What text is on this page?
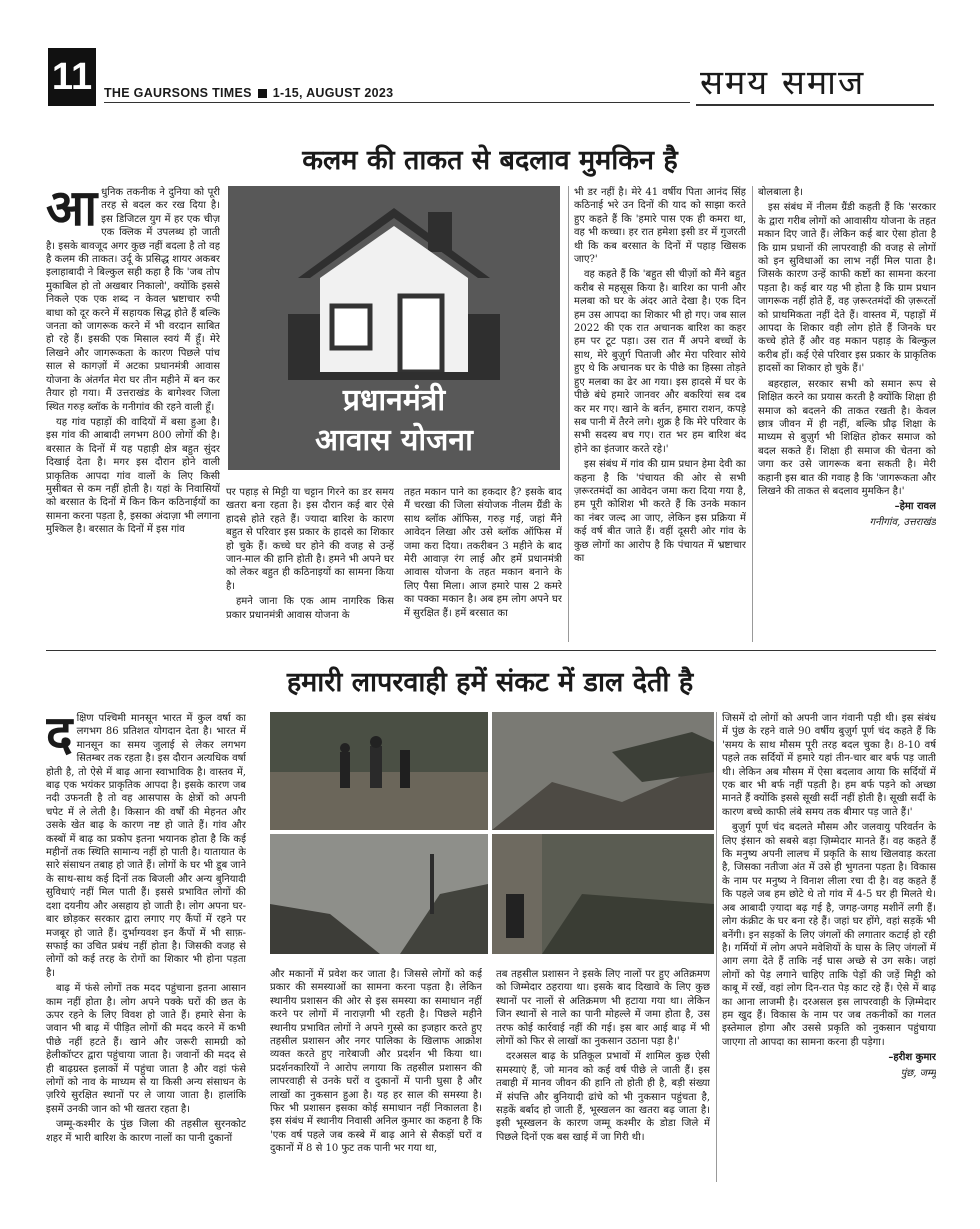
11 THE GAURSONS TIMES 1-15, AUGUST 2023	समय समाज
कलम की ताकत से बदलाव मुमकिन है

आधुनिक तकनीक ने दुनिया को पूरी तरह से बदल कर रख दिया है। इस डिजिटल युग में हर एक चीज़ एक क्लिक में उपलब्ध हो जाती है। इसके बावजूद अगर कुछ नहीं बदला है तो वह है कलम की ताकत। उर्दू के प्रसिद्ध शायर अकबर इलाहाबादी ने बिल्कुल सही कहा है कि 'जब तोप मुकाबिल हो तो अखबार निकालो', क्योंकि इससे निकले एक एक शब्द न केवल भ्रष्टाचार रुपी बाधा को दूर करने में सहायक सिद्ध होते हैं बल्कि जनता को जागरूक करने में भी वरदान साबित हो रहे हैं। इसकी एक मिसाल स्वयं मैं हूँ। मेरे लिखने और जागरूकता के कारण पिछले पांच साल से कागज़ों में अटका प्रधानमंत्री आवास योजना के अंतर्गत मेरा घर तीन महीने में बन कर तैयार हो गया। मैं उत्तराखंड के बागेश्वर जिला स्थित गरुड़ ब्लॉक के गनीगांव की रहने वाली हूँ।

यह गांव पहाड़ों की वादियों में बसा हुआ है। इस गांव की आबादी लगभग 800 लोगों की है। बरसात के दिनों में यह पहाड़ी क्षेत्र बहुत सुंदर दिखाई देता है। मगर इस दौरान होने वाली प्राकृतिक आपदा गांव वालों के लिए किसी मुसीबत से कम नहीं होती है। यहां के निवासियों को बरसात के दिनों में किन किन कठिनाईयों का सामना करना पड़ता है, इसका अंदाज़ा भी लगाना मुश्किल है। बरसात के दिनों में इस गांव

प्रधानमंत्री
आवास योजना

पर पहाड़ से मिट्टी या चट्टान गिरने का डर समय खतरा बना रहता है। इस दौरान कई बार ऐसे हादसे होते रहते हैं। ज्यादा बारिश के कारण बहुत से परिवार इस प्रकार के हादसे का शिकार हो चुके हैं। कच्चे घर होने की वजह से उन्हें जान-माल की हानि होती है। हमने भी अपने घर को लेकर बहुत ही कठिनाइयों का सामना किया है।

हमने जाना कि एक आम नागरिक किस प्रकार प्रधानमंत्री आवास योजना के

तहत मकान पाने का हकदार है? इसके बाद मैं चरखा की जिला संयोजक नीलम ग्रैंडी के साथ ब्लॉक ऑफिस, गरुड़ गई, जहां मैंने आवेदन लिखा और उसे ब्लॉक ऑफिस में जमा करा दिया। तकरीबन 3 महीने के बाद मेरी आवाज़ रंग लाई और हमें प्रधानमंत्री आवास योजना के तहत मकान बनाने के लिए पैसा मिला। आज हमारे पास 2 कमरे का पक्का मकान है। अब हम लोग अपने घर में सुरक्षित हैं। हमें बरसात का

भी डर नहीं है। मेरे 41 वर्षीय पिता आनंद सिंह कठिनाई भरे उन दिनों की याद को साझा करते हुए कहते हैं कि 'हमारे पास एक ही कमरा था, वह भी कच्चा। हर रात हमेशा इसी डर में गुजरती थी कि कब बरसात के दिनों में पहाड़ खिसक जाए?'

वह कहते हैं कि 'बहुत सी चीज़ों को मैंने बहुत करीब से महसूस किया है। बारिश का पानी और मलबा को घर के अंदर आते देखा है। एक दिन हम उस आपदा का शिकार भी हो गए। जब साल 2022 की एक रात अचानक बारिश का कहर हम पर टूट पड़ा। उस रात मैं अपने बच्चों के साथ, मेरे बुज़ुर्ग पिताजी और मेरा परिवार सोये हुए थे कि अचानक घर के पीछे का हिस्सा तोड़ते हुए मलबा का ढेर आ गया। इस हादसे में घर के पीछे बंधे हमारे जानवर और बकरियां सब दब कर मर गए। खाने के बर्तन, हमारा राशन, कपड़े सब पानी में तैरने लगे। शुक्र है कि मेरे परिवार के सभी सदस्य बच गए। रात भर हम बारिश बंद होने का इंतजार करते रहे।'

इस संबंध में गांव की ग्राम प्रधान हेमा देवी का कहना है कि 'पंचायत की ओर से सभी ज़रूरतमंदों का आवेदन जमा करा दिया गया है, हम पूरी कोशिश भी करते हैं कि उनके मकान का नंबर जल्द आ जाए, लेकिन इस प्रक्रिया में कई वर्ष बीत जाते हैं। वहीं दूसरी ओर गांव के कुछ लोगों का आरोप है कि पंचायत में भ्रष्टाचार का

बोलबाला है।

इस संबंध में नीलम ग्रैंडी कहती हैं कि 'सरकार के द्वारा गरीब लोगों को आवासीय योजना के तहत मकान दिए जाते हैं। लेकिन कई बार ऐसा होता है कि ग्राम प्रधानों की लापरवाही की वजह से लोगों को इन सुविधाओं का लाभ नहीं मिल पाता है। जिसके कारण उन्हें काफी कष्टों का सामना करना पड़ता है। कई बार यह भी होता है कि ग्राम प्रधान जागरूक नहीं होते हैं, वह ज़रूरतमंदों की ज़रूरतों को प्राथमिकता नहीं देते हैं। वास्तव में, पहाड़ों में आपदा के शिकार वही लोग होते हैं जिनके घर कच्चे होते हैं और वह मकान पहाड़ के बिल्कुल करीब हों। कई ऐसे परिवार इस प्रकार के प्राकृतिक हादसों का शिकार हो चुके हैं।'

बहरहाल, सरकार सभी को समान रूप से शिक्षित करने का प्रयास करती है क्योंकि शिक्षा ही समाज को बदलने की ताकत रखती है। केवल छात्र जीवन में ही नहीं, बल्कि प्रौढ़ शिक्षा के माध्यम से बुज़ुर्ग भी शिक्षित होकर समाज को बदल सकते हैं। शिक्षा ही समाज की चेतना को जगा कर उसे जागरूक बना सकती है। मेरी कहानी इस बात की गवाह है कि 'जागरूकता और लिखने की ताकत से बदलाव मुमकिन है।'

–हेमा रावल

गनीगांव, उत्तराखंड

हमारी लापरवाही हमें संकट में डाल देती है

दक्षिण पश्चिमी मानसून भारत में कुल वर्षा का लगभग 86 प्रतिशत योगदान देता है। भारत में मानसून का समय जुलाई से लेकर लगभग सितम्बर तक रहता है। इस दौरान अत्यधिक वर्षा होती है, तो ऐसे में बाढ़ आना स्वाभाविक है। वास्तव में, बाढ़ एक भयंकर प्राकृतिक आपदा है। इसके कारण जब नदी उफनती है तो वह आसपास के क्षेत्रों को अपनी चपेट में ले लेती है। किसान की वर्षों की मेहनत और उसके खेत बाढ़ के कारण नष्ट हो जाते हैं। गांव और कस्बों में बाढ़ का प्रकोप इतना भयानक होता है कि कई महीनों तक स्थिति सामान्य नहीं हो पाती है। यातायात के सारे संसाधन तबाह हो जाते हैं। लोगों के घर भी डूब जाने के साथ-साथ कई दिनों तक बिजली और अन्य बुनियादी सुविधाएं नहीं मिल पाती हैं। इससे प्रभावित लोगों की दशा दयनीय और असहाय हो जाती है। लोग अपना घर-बार छोड़कर सरकार द्वारा लगाए गए कैंपों में रहने पर मजबूर हो जाते हैं। दुर्भाग्यवश इन कैंपों में भी साफ़-सफाई का उचित प्रबंध नहीं होता है। जिसकी वजह से लोगों को कई तरह के रोगों का शिकार भी होना पड़ता है।

बाढ़ में फंसे लोगों तक मदद पहुंचाना इतना आसान काम नहीं होता है। लोग अपने पक्के घरों की छत के ऊपर रहने के लिए विवश हो जाते हैं। हमारे सेना के जवान भी बाढ़ में पीड़ित लोगों की मदद करने में कभी पीछे नहीं हटते हैं। खाने और जरूरी सामग्री को हेलीकॉप्टर द्वारा पहुंचाया जाता है। जवानों की मदद से ही बाढ़ग्रस्त इलाकों में पहुंचा जाता है और वहां फंसे लोगों को नाव के माध्यम से या किसी अन्य संसाधन के ज़रिये सुरक्षित स्थानों पर ले जाया जाता है। हालांकि इसमें उनकी जान को भी खतरा रहता है।

जम्मू-कश्मीर के पुंछ जिला की तहसील सुरनकोट शहर में भारी बारिश के कारण नालों का पानी दुकानों

और मकानों में प्रवेश कर जाता है। जिससे लोगों को कई प्रकार की समस्याओं का सामना करना पड़ता है। लेकिन स्थानीय प्रशासन की ओर से इस समस्या का समाधान नहीं करने पर लोगों में नाराज़गी भी रहती है। पिछले महीने स्थानीय प्रभावित लोगों ने अपने गुस्से का इजहार करते हुए तहसील प्रशासन और नगर पालिका के खिलाफ आक्रोश व्यक्त करते हुए नारेबाजी और प्रदर्शन भी किया था। प्रदर्शनकारियों ने आरोप लगाया कि तहसील प्रशासन की लापरवाही से उनके घरों व दुकानों में पानी घुसा है और लाखों का नुकसान हुआ है। यह हर साल की समस्या है। फिर भी प्रशासन इसका कोई समाधान नहीं निकालता है। इस संबंध में स्थानीय निवासी अनिल कुमार का कहना है कि 'एक वर्ष पहले जब कस्बे में बाढ़ आने से सैकड़ों घरों व दुकानों में 8 से 10 फुट तक पानी भर गया था,

तब तहसील प्रशासन ने इसके लिए नालों पर हुए अतिक्रमण को जिम्मेदार ठहराया था। इसके बाद दिखावे के लिए कुछ स्थानों पर नालों से अतिक्रमण भी हटाया गया था। लेकिन जिन स्थानों से नाले का पानी मोहल्ले में जमा होता है, उस तरफ कोई कार्रवाई नहीं की गई। इस बार आई बाढ़ में भी लोगों को फिर से लाखों का नुकसान उठाना पड़ा है।'

दरअसल बाढ़ के प्रतिकूल प्रभावों में शामिल कुछ ऐसी समस्याएं हैं, जो मानव को कई वर्ष पीछे ले जाती हैं। इस तबाही में मानव जीवन की हानि तो होती ही है, बड़ी संख्या में संपत्ति और बुनियादी ढांचे को भी नुकसान पहुंचता है, सड़कें बर्बाद हो जाती हैं, भूस्खलन का खतरा बढ़ जाता है। इसी भूस्खलन के कारण जम्मू कश्मीर के डोडा जिले में पिछले दिनों एक बस खाई में जा गिरी थी।

जिसमें दो लोगों को अपनी जान गंवानी पड़ी थी। इस संबंध में पुंछ के रहने वाले 90 वर्षीय बुज़ुर्ग पूर्ण चंद कहते हैं कि 'समय के साथ मौसम पूरी तरह बदल चुका है। 8-10 वर्ष पहले तक सर्दियों में हमारे यहां तीन-चार बार बर्फ पड़ जाती थी। लेकिन अब मौसम में ऐसा बदलाव आया कि सर्दियों में एक बार भी बर्फ नहीं पड़ती है। हम बर्फ पड़ने को अच्छा मानते हैं क्योंकि इससे सूखी सर्दी नहीं होती है। सूखी सर्दी के कारण बच्चे काफी लंबे समय तक बीमार पड़ जाते हैं।'

बुज़ुर्ग पूर्ण चंद बदलते मौसम और जलवायु परिवर्तन के लिए इंसान को सबसे बड़ा ज़िम्मेदार मानते हैं। वह कहते हैं कि मनुष्य अपनी लालच में प्रकृति के साथ खिलवाड़ करता है, जिसका नतीजा अंत में उसे ही भुगतना पड़ता है। विकास के नाम पर मनुष्य ने विनाश लीला रचा दी है। वह कहते हैं कि पहले जब हम छोटे थे तो गांव में 4-5 घर ही मिलते थे। अब आबादी ज़्यादा बढ़ गई है, जगह-जगह मशीनें लगी हैं। लोग कंक्रीट के घर बना रहे हैं। जहां घर होंगे, वहां सड़कें भी बनेंगी। इन सड़कों के लिए जंगलों की लगातार कटाई हो रही है। गर्मियों में लोग अपने मवेशियों के घास के लिए जंगलों में आग लगा देते हैं ताकि नई घास अच्छे से उग सके। जहां लोगों को पेड़ लगाने चाहिए ताकि पेड़ों की जड़ें मिट्टी को काबू में रखें, वहां लोग दिन-रात पेड़ काट रहे हैं। ऐसे में बाढ़ का आना लाजमी है। दरअसल इस लापरवाही के ज़िम्मेदार हम खुद हैं। विकास के नाम पर जब तकनीकों का गलत इस्तेमाल होगा और उससे प्रकृति को नुकसान पहुंचाया जाएगा तो आपदा का सामना करना ही पड़ेगा।

–हरीश कुमार

पुंछ, जम्मू
